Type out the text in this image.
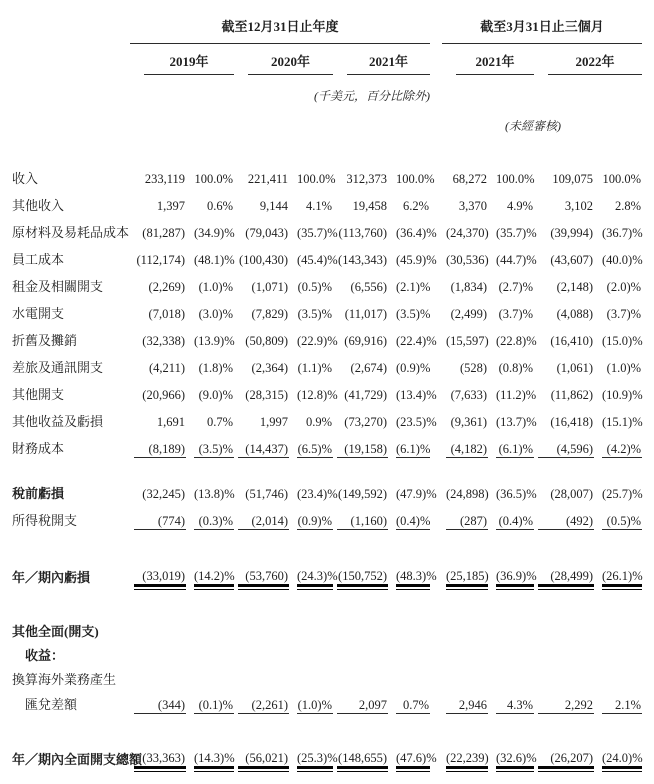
	截至12月31日止年度							截至3月31日止三個月			

	2019年		2020年		2021年			2021年		2022年	

(千美元，百分比除外)											
								(未經審核)			

收入	233,119	100.0%	221,411	100.0%	312,373	100.0%		68,272	100.0%	109,075	100.0%

其他收入	1,397	0.6%	9,144	4.1%	19,458	6.2%		3,370	4.9%	3,102	2.8%

原材料及易耗品成本	(81,287)	(34.9)%	(79,043)	(35.7)%	(113,760)	(36.4)%		(24,370)	(35.7)%	(39,994)	(36.7)%

員工成本	(112,174)	(48.1)%	(100,430)	(45.4)%	(143,343)	(45.9)%		(30,536)	(44.7)%	(43,607)	(40.0)%

租金及相關開支	(2,269)	(1.0)%	(1,071)	(0.5)%	(6,556)	(2.1)%		(1,834)	(2.7)%	(2,148)	(2.0)%

水電開支	(7,018)	(3.0)%	(7,829)	(3.5)%	(11,017)	(3.5)%		(2,499)	(3.7)%	(4,088)	(3.7)%

折舊及攤銷	(32,338)	(13.9)%	(50,809)	(22.9)%	(69,916)	(22.4)%		(15,597)	(22.8)%	(16,410)	(15.0)%

差旅及通訊開支	(4,211)	(1.8)%	(2,364)	(1.1)%	(2,674)	(0.9)%		(528)	(0.8)%	(1,061)	(1.0)%

其他開支	(20,966)	(9.0)%	(28,315)	(12.8)%	(41,729)	(13.4)%		(7,633)	(11.2)%	(11,862)	(10.9)%

其他收益及虧損	1,691	0.7%	1,997	0.9%	(73,270)	(23.5)%		(9,361)	(13.7)%	(16,418)	(15.1)%

財務成本	(8,189)	(3.5)%	(14,437)	(6.5)%	(19,158)	(6.1)%		(4,182)	(6.1)%	(4,596)	(4.2)%

稅前虧損	(32,245)	(13.8)%	(51,746)	(23.4)%	(149,592)	(47.9)%		(24,898)	(36.5)%	(28,007)	(25.7)%

所得稅開支	(774)	(0.3)%	(2,014)	(0.9)%	(1,160)	(0.4)%		(287)	(0.4)%	(492)	(0.5)%

年／期內虧損	(33,019)	(14.2)%	(53,760)	(24.3)%	(150,752)	(48.3)%		(25,185)	(36.9)%	(28,499)	(26.1)%

其他全面(開支)											
收益：											
換算海外業務產生											
匯兌差額	(344)	(0.1)%	(2,261)	(1.0)%	2,097	0.7%		2,946	4.3%	2,292	2.1%

年／期內全面開支總額	(33,363)	(14.3)%	(56,021)	(25.3)%	(148,655)	(47.6)%		(22,239)	(32.6)%	(26,207)	(24.0)%
